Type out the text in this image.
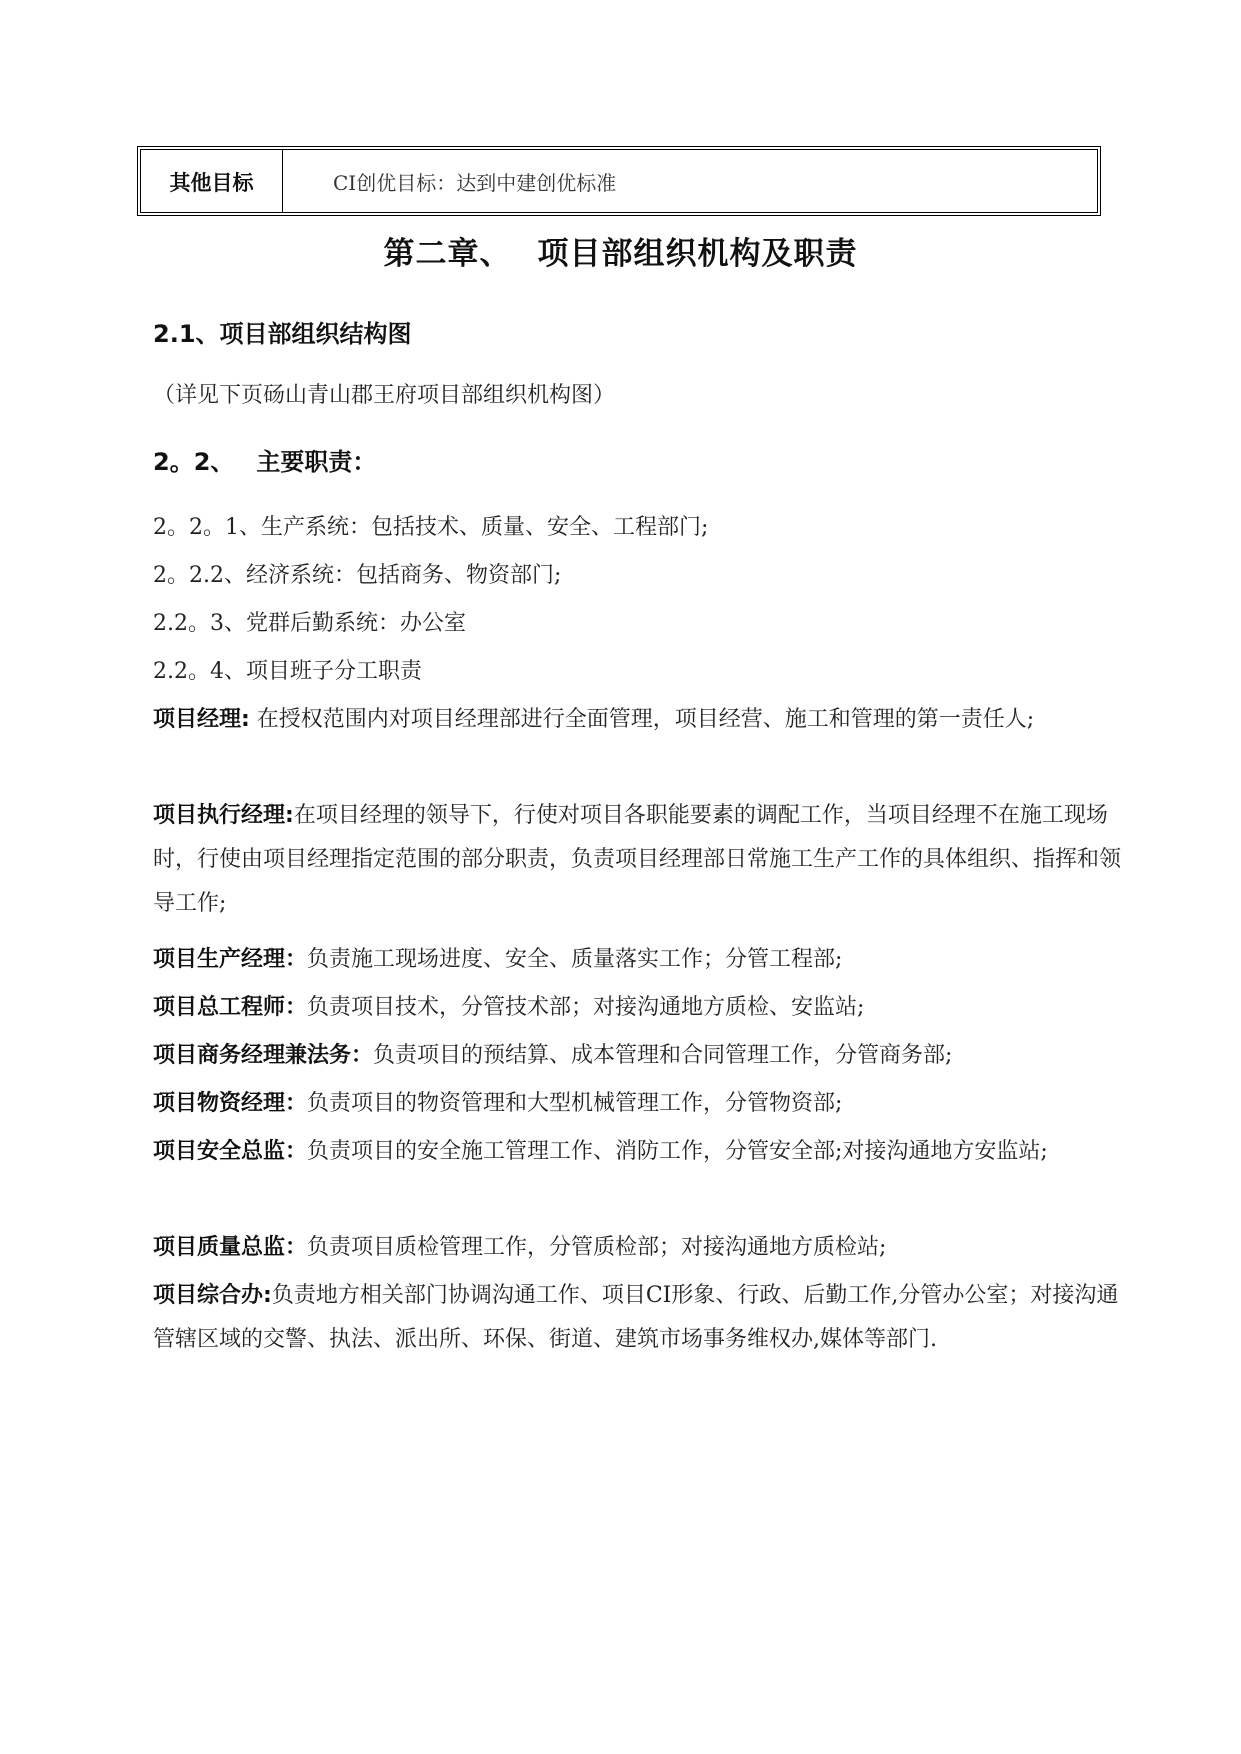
其他目标	CI创优目标：达到中建创优标准
第二章、 项目部组织机构及职责
2.1、项目部组织结构图

（详见下页砀山青山郡王府项目部组织机构图）

2。2、 主要职责：

2。2。1、生产系统：包括技术、质量、安全、工程部门;

2。2.2、经济系统：包括商务、物资部门;

2.2。3、党群后勤系统：办公室

2.2。4、项目班子分工职责

项目经理: 在授权范围内对项目经理部进行全面管理，项目经营、施工和管理的第一责任人;

项目执行经理:在项目经理的领导下，行使对项目各职能要素的调配工作，当项目经理不在施工现场时，行使由项目经理指定范围的部分职责，负责项目经理部日常施工生产工作的具体组织、指挥和领导工作;

项目生产经理：负责施工现场进度、安全、质量落实工作；分管工程部;

项目总工程师：负责项目技术，分管技术部；对接沟通地方质检、安监站;

项目商务经理兼法务：负责项目的预结算、成本管理和合同管理工作，分管商务部;

项目物资经理：负责项目的物资管理和大型机械管理工作，分管物资部;

项目安全总监：负责项目的安全施工管理工作、消防工作，分管安全部;对接沟通地方安监站;

项目质量总监：负责项目质检管理工作，分管质检部；对接沟通地方质检站;

项目综合办:负责地方相关部门协调沟通工作、项目CI形象、行政、后勤工作,分管办公室；对接沟通管辖区域的交警、执法、派出所、环保、街道、建筑市场事务维权办,媒体等部门.
